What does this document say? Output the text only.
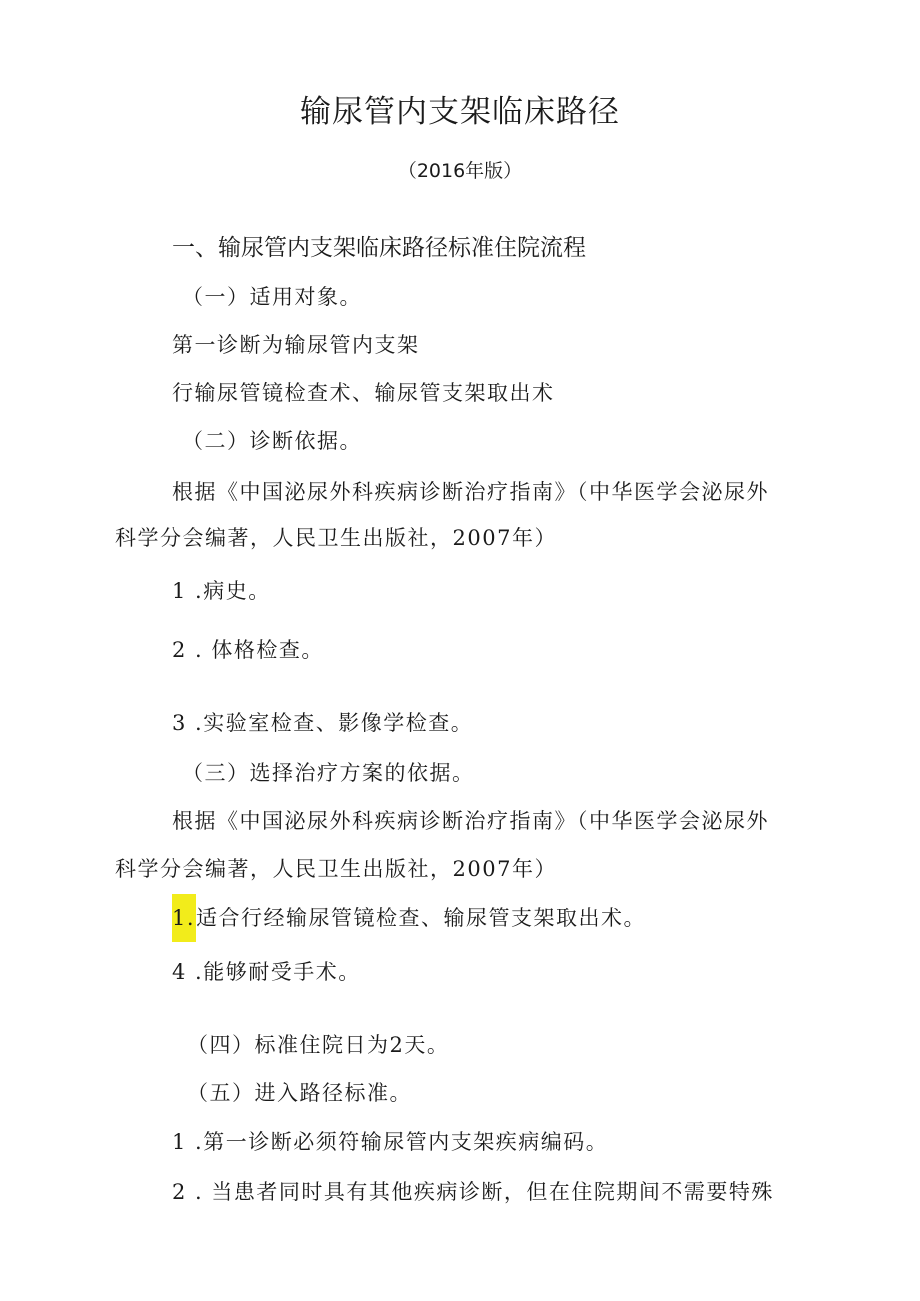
输尿管内支架临床路径
（2016年版）
一、输尿管内支架临床路径标准住院流程
（一）适用对象。
第一诊断为输尿管内支架
行输尿管镜检查术、输尿管支架取出术
（二）诊断依据。
根据《中国泌尿外科疾病诊断治疗指南》（中华医学会泌尿外
科学分会编著，人民卫生出版社，2007年）
1 .病史。
2 . 体格检查。
3 .实验室检查、影像学检查。
（三）选择治疗方案的依据。
根据《中国泌尿外科疾病诊断治疗指南》（中华医学会泌尿外
科学分会编著，人民卫生出版社，2007年）
1.适合行经输尿管镜检查、输尿管支架取出术。
4 .能够耐受手术。
（四）标准住院日为2天。
（五）进入路径标准。
1 .第一诊断必须符输尿管内支架疾病编码。
2 . 当患者同时具有其他疾病诊断，但在住院期间不需要特殊
